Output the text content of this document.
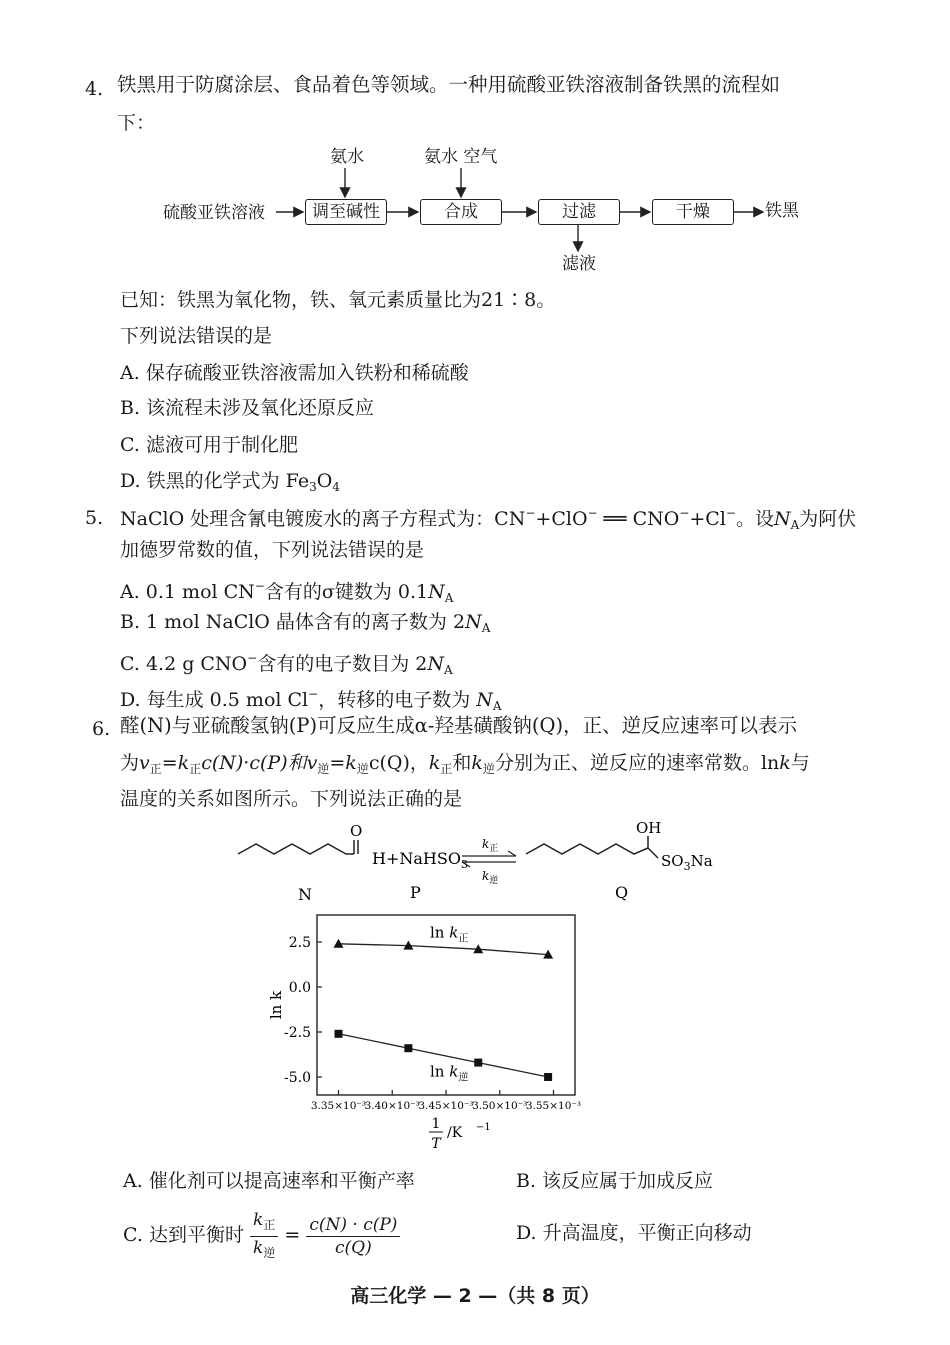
4. 铁黑用于防腐涂层、食品着色等领域。一种用硫酸亚铁溶液制备铁黑的流程如
下：
氨水	氨水 空气
硫酸亚铁溶液	调至碱性	合成	过滤	干燥	铁黑
滤液
已知：铁黑为氧化物，铁、氧元素质量比为21∶8。
下列说法错误的是
A. 保存硫酸亚铁溶液需加入铁粉和稀硫酸
B. 该流程未涉及氧化还原反应
C. 滤液可用于制化肥
D. 铁黑的化学式为 $Fe_3O_4$
5. NaClO 处理含氰电镀废水的离子方程式为：CN−+ClO− ══ CNO−+Cl−。设$N_A$为阿伏
加德罗常数的值，下列说法错误的是
A. 0.1 mol CN−含有的σ键数为 $0.1N_A$
B. 1 mol NaClO 晶体含有的离子数为 $2N_A$
C. 4.2 g CNO−含有的电子数目为 $2N_A$
D. 每生成 0.5 mol Cl−，转移的电子数为 $N_A$
6. 醛(N)与亚硫酸氢钠(P)可反应生成α-羟基磺酸钠(Q)，正、逆反应速率可以表示
为$v_正=k_正c(N)\cdot c(P)$和$v_逆=k_逆c(Q)$，$k_正$和$k_逆$分别为正、逆反应的速率常数。lnk与
温度的关系如图所示。下列说法正确的是
O
H+NaHSO$_3$
$k_正$
$k_逆$
OH
$SO_3Na$
N	P	Q
2.5
0.0
-2.5
-5.0
3.35×10⁻³
3.40×10⁻³
3.45×10⁻³
3.50×10⁻³
3.55×10⁻³
ln k
1
T
/K −1
$\ln k_正$
$\ln k_逆$
A. 催化剂可以提高速率和平衡产率	B. 该反应属于加成反应
C. 达到平衡时 $\frac{k_正}{k_逆} = \frac{c(N) \cdot c(P)}{c(Q)}$	D. 升高温度，平衡正向移动
高三化学 — 2 —（共 8 页）
